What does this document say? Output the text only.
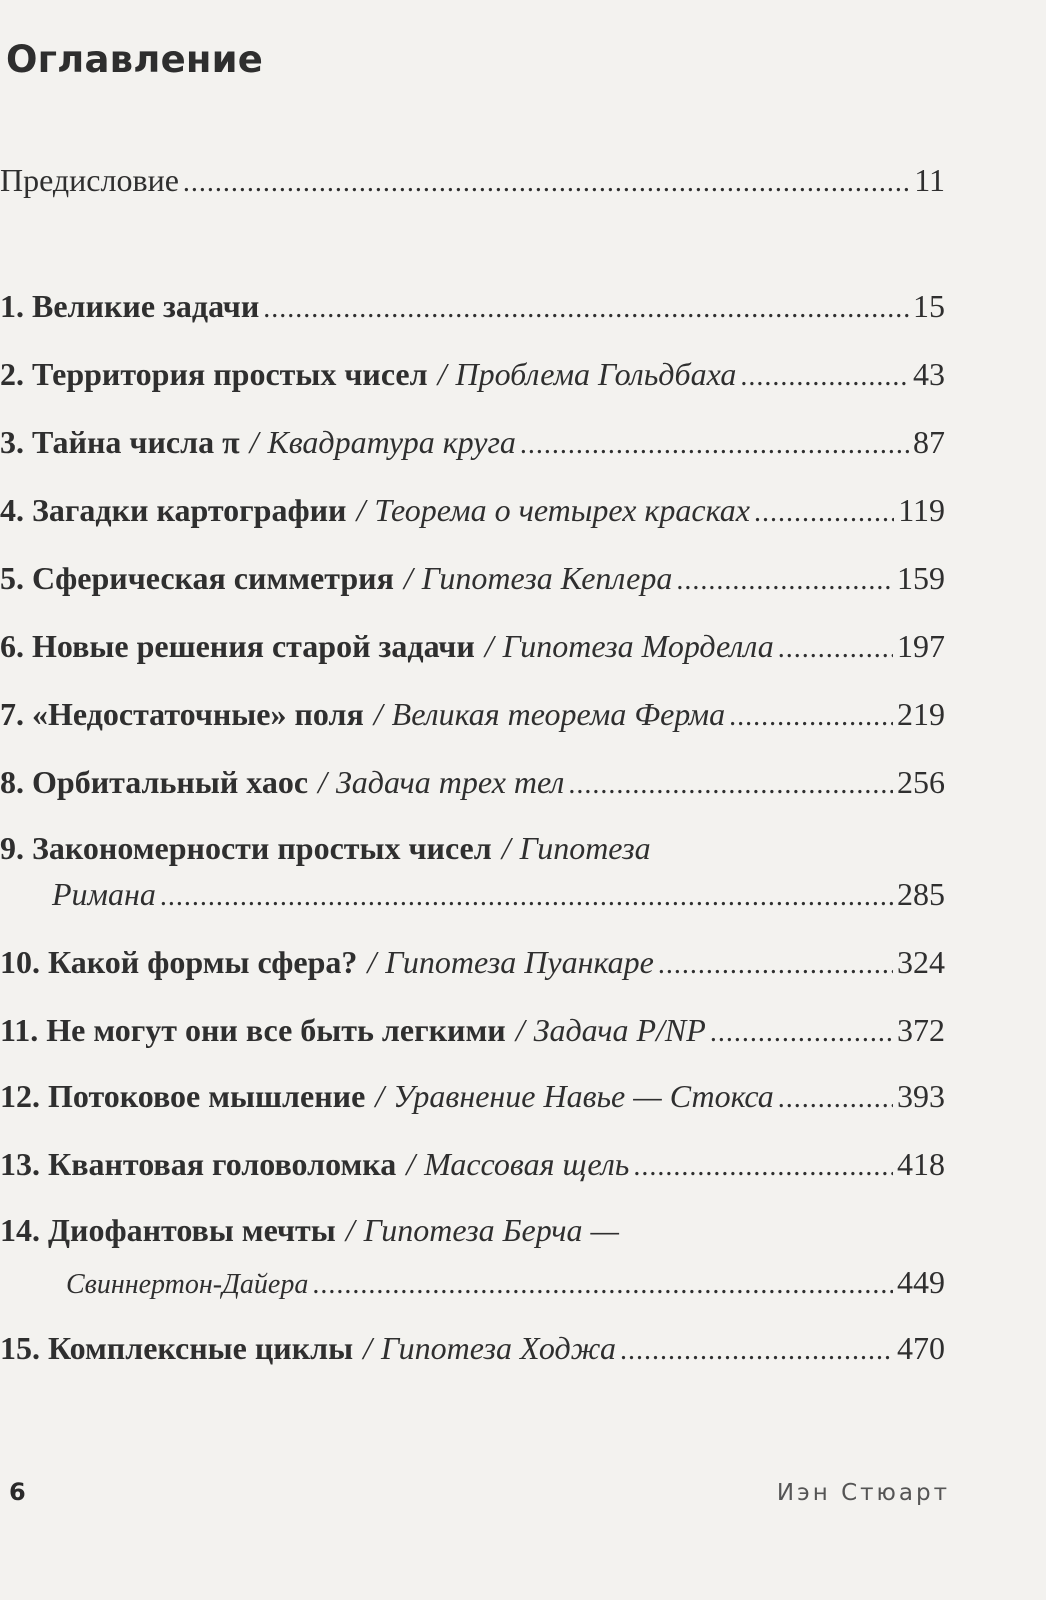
Оглавление
Предисловие .....	11
1. Великие задачи .....	15
2. Территория простых чисел / Проблема Гольдбаха .....	43
3. Тайна числа π / Квадратура круга .....	87
4. Загадки картографии / Теорема о четырех красках .....	119
5. Сферическая симметрия / Гипотеза Кеплера .....	159
6. Новые решения старой задачи / Гипотеза Морделла .....	197
7. «Недостаточные» поля / Великая теорема Ферма .....	219
8. Орбитальный хаос / Задача трех тел .....	256
9. Закономерности простых чисел / Гипотеза
Римана .....	285
10. Какой формы сфера? / Гипотеза Пуанкаре .....	324
11. Не могут они все быть легкими / Задача P/NP .....	372
12. Потоковое мышление / Уравнение Навье — Стокса .....	393
13. Квантовая головоломка / Массовая щель .....	418
14. Диофантовы мечты / Гипотеза Берча —
Свиннертон-Дайера .....	449
15. Комплексные циклы / Гипотеза Ходжа .....	470
6	Иэн Стюарт
